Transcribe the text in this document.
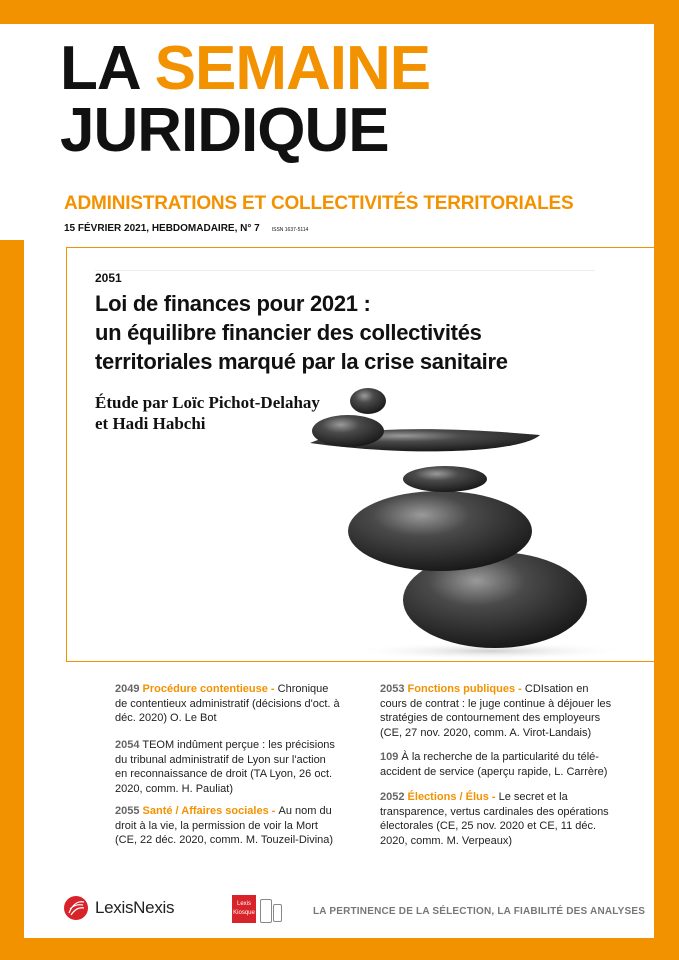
LA SEMAINE
JURIDIQUE
ADMINISTRATIONS ET COLLECTIVITÉS TERRITORIALES
15 FÉVRIER 2021, HEBDOMADAIRE, N° 7 ISSN 1637-5114
2051
Loi de finances pour 2021 :
un équilibre financier des collectivités
territoriales marqué par la crise sanitaire
Étude par Loïc Pichot-Delahay
et Hadi Habchi
2049 Procédure contentieuse - Chronique
de contentieux administratif (décisions d'oct. à
déc. 2020) O. Le Bot
2054 TEOM indûment perçue : les précisions
du tribunal administratif de Lyon sur l'action
en reconnaissance de droit (TA Lyon, 26 oct.
2020, comm. H. Pauliat)
2055 Santé / Affaires sociales - Au nom du
droit à la vie, la permission de voir la Mort
(CE, 22 déc. 2020, comm. M. Touzeil-Divina)
2053 Fonctions publiques - CDIsation en
cours de contrat : le juge continue à déjouer les
stratégies de contournement des employeurs
(CE, 27 nov. 2020, comm. A. Virot-Landais)
109 À la recherche de la particularité du télé-
accident de service (aperçu rapide, L. Carrère)
2052 Élections / Élus - Le secret et la
transparence, vertus cardinales des opérations
électorales (CE, 25 nov. 2020 et CE, 11 déc.
2020, comm. M. Verpeaux)
LexisNexis	Lexis
Kiosque	LA PERTINENCE DE LA SÉLECTION, LA FIABILITÉ DES ANALYSES
